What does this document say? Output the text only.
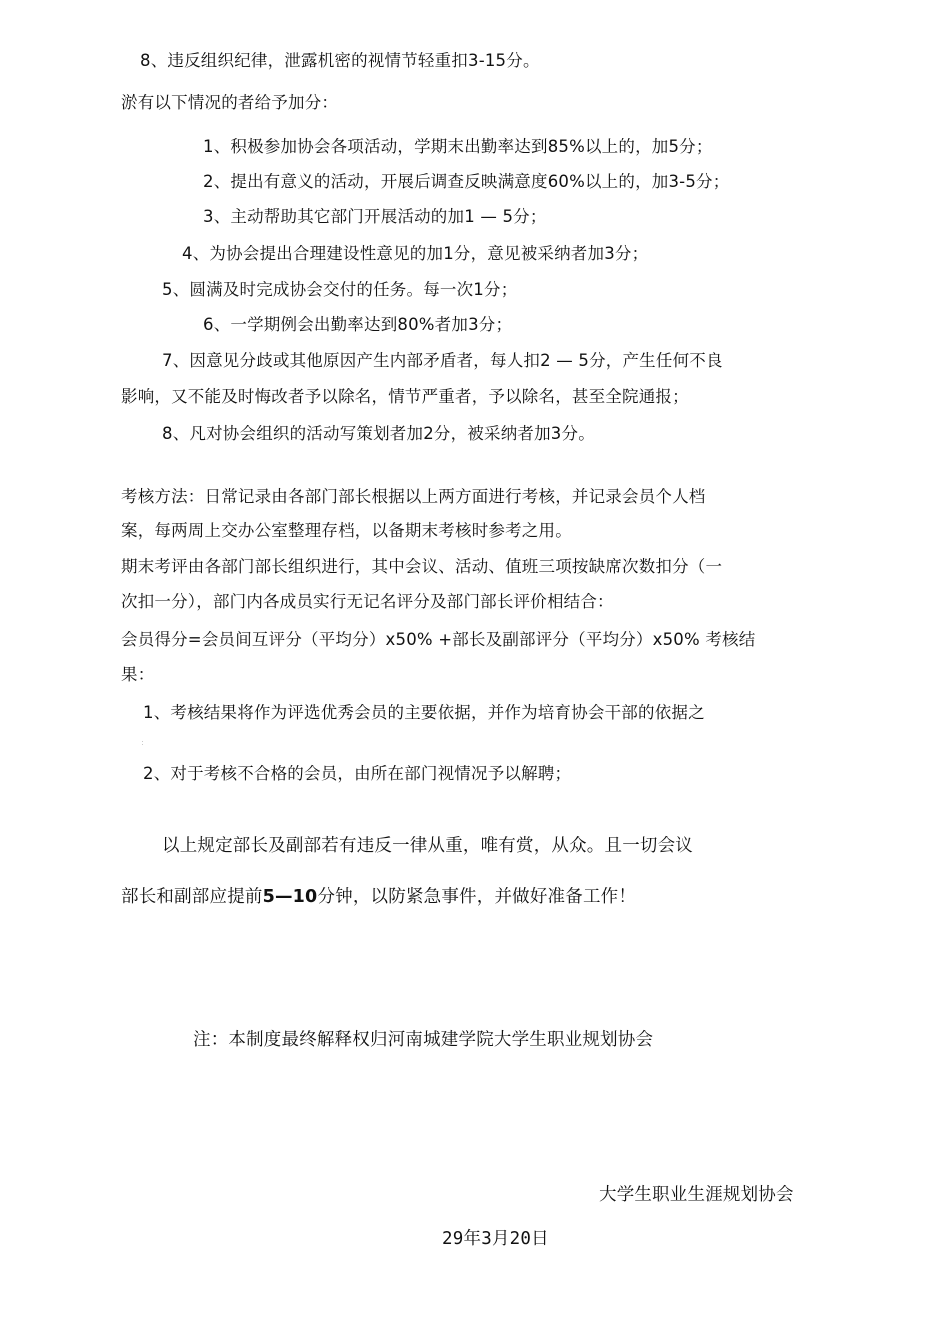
8、违反组织纪律，泄露机密的视情节轻重扣3-15分。
淤有以下情况的者给予加分：
1、积极参加协会各项活动，学期末出勤率达到85%以上的，加5分；
2、提出有意义的活动，开展后调查反映满意度60%以上的，加3-5分；
3、主动帮助其它部门开展活动的加1 — 5分；
4、为协会提出合理建设性意见的加1分，意见被采纳者加3分；
5、圆满及时完成协会交付的任务。每一次1分；
6、一学期例会出勤率达到80%者加3分；
7、因意见分歧或其他原因产生内部矛盾者，每人扣2 — 5分，产生任何不良
影响，又不能及时悔改者予以除名，情节严重者，予以除名，甚至全院通报；
8、凡对协会组织的活动写策划者加2分，被采纳者加3分。
考核方法：日常记录由各部门部长根据以上两方面进行考核，并记录会员个人档
案，每两周上交办公室整理存档，以备期末考核时参考之用。
期末考评由各部门部长组织进行，其中会议、活动、值班三项按缺席次数扣分（一
次扣一分），部门内各成员实行无记名评分及部门部长评价相结合：
会员得分=会员间互评分（平均分）x50% +部长及副部评分（平均分）x50% 考核结
果：
1、考核结果将作为评选优秀会员的主要依据，并作为培育协会干部的依据之
：
2、对于考核不合格的会员，由所在部门视情况予以解聘；
以上规定部长及副部若有违反一律从重，唯有赏，从众。且一切会议
部长和副部应提前5—10分钟，以防紧急事件，并做好准备工作！
注：本制度最终解释权归河南城建学院大学生职业规划协会
大学生职业生涯规划协会
29年3月20日
